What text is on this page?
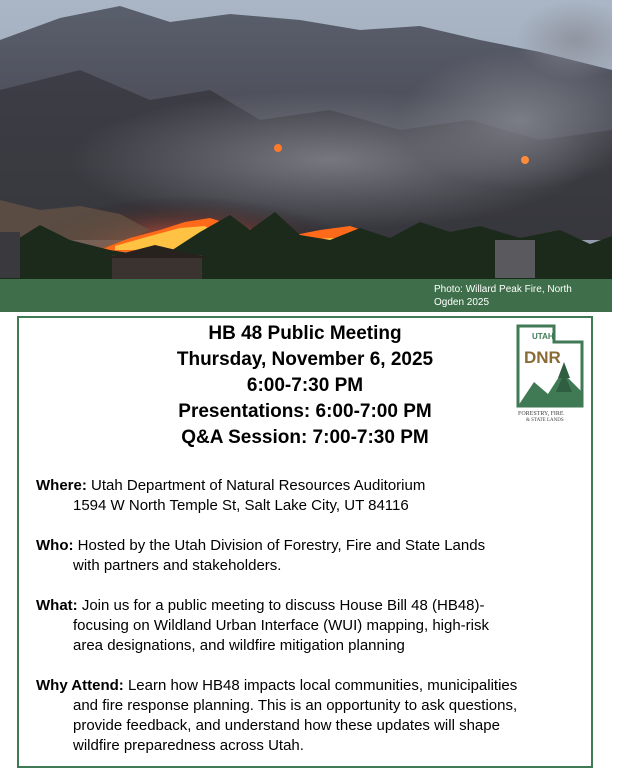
Photo: Willard Peak Fire, North Ogden 2025
HB 48 Public Meeting
Thursday, November 6, 2025
6:00-7:30 PM
Presentations: 6:00-7:00 PM
Q&A Session: 7:00-7:30 PM
UTAH
DNR
FORESTRY, FIRE
& STATE LANDS
Where: Utah Department of Natural Resources Auditorium
1594 W North Temple St, Salt Lake City, UT 84116
Who: Hosted by the Utah Division of Forestry, Fire and State Lands
with partners and stakeholders.
What: Join us for a public meeting to discuss House Bill 48 (HB48)-
focusing on Wildland Urban Interface (WUI) mapping, high-risk
area designations, and wildfire mitigation planning
Why Attend: Learn how HB48 impacts local communities, municipalities
and fire response planning. This is an opportunity to ask questions,
provide feedback, and understand how these updates will shape
wildfire preparedness across Utah.
